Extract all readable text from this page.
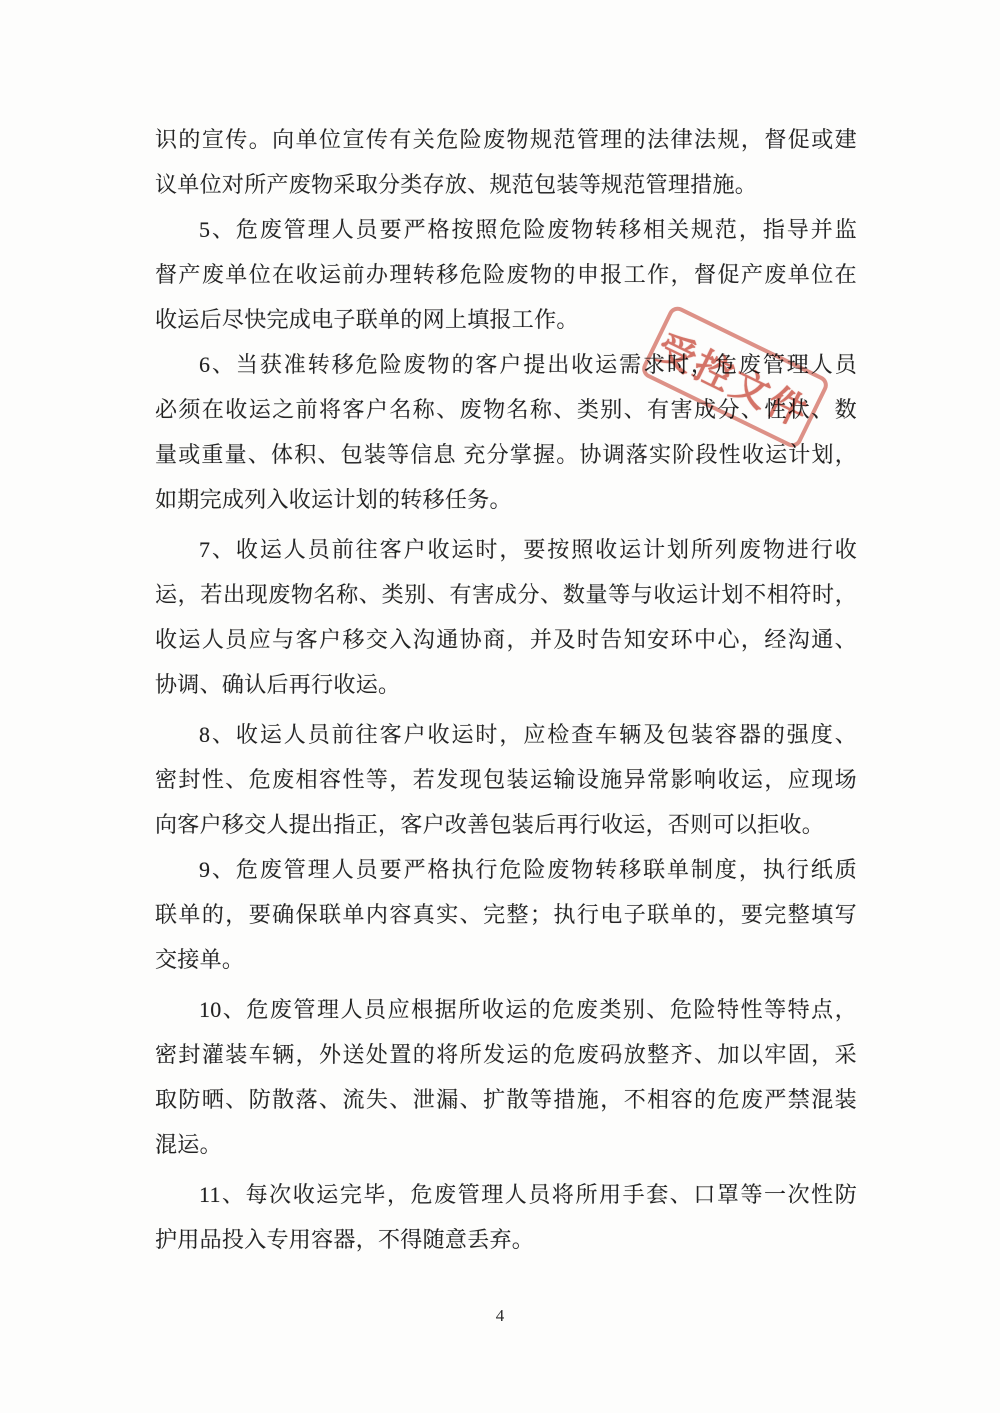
识的宣传。向单位宣传有关危险废物规范管理的法律法规，督促或建
议单位对所产废物采取分类存放、规范包装等规范管理措施。
5、危废管理人员要严格按照危险废物转移相关规范，指导并监
督产废单位在收运前办理转移危险废物的申报工作，督促产废单位在
收运后尽快完成电子联单的网上填报工作。
6、当获准转移危险废物的客户提出收运需求时，危废管理人员
必须在收运之前将客户名称、废物名称、类别、有害成分、性状、数
量或重量、体积、包装等信息 充分掌握。协调落实阶段性收运计划，
如期完成列入收运计划的转移任务。
7、收运人员前往客户收运时，要按照收运计划所列废物进行收
运，若出现废物名称、类别、有害成分、数量等与收运计划不相符时，
收运人员应与客户移交入沟通协商，并及时告知安环中心，经沟通、
协调、确认后再行收运。
8、收运人员前往客户收运时，应检查车辆及包装容器的强度、
密封性、危废相容性等，若发现包装运输设施异常影响收运，应现场
向客户移交人提出指正，客户改善包装后再行收运，否则可以拒收。
9、危废管理人员要严格执行危险废物转移联单制度，执行纸质
联单的，要确保联单内容真实、完整；执行电子联单的，要完整填写
交接单。
10、危废管理人员应根据所收运的危废类别、危险特性等特点，
密封灌装车辆，外送处置的将所发运的危废码放整齐、加以牢固，采
取防晒、防散落、流失、泄漏、扩散等措施，不相容的危废严禁混装
混运。
11、每次收运完毕，危废管理人员将所用手套、口罩等一次性防
护用品投入专用容器，不得随意丢弃。
受控文件
4
